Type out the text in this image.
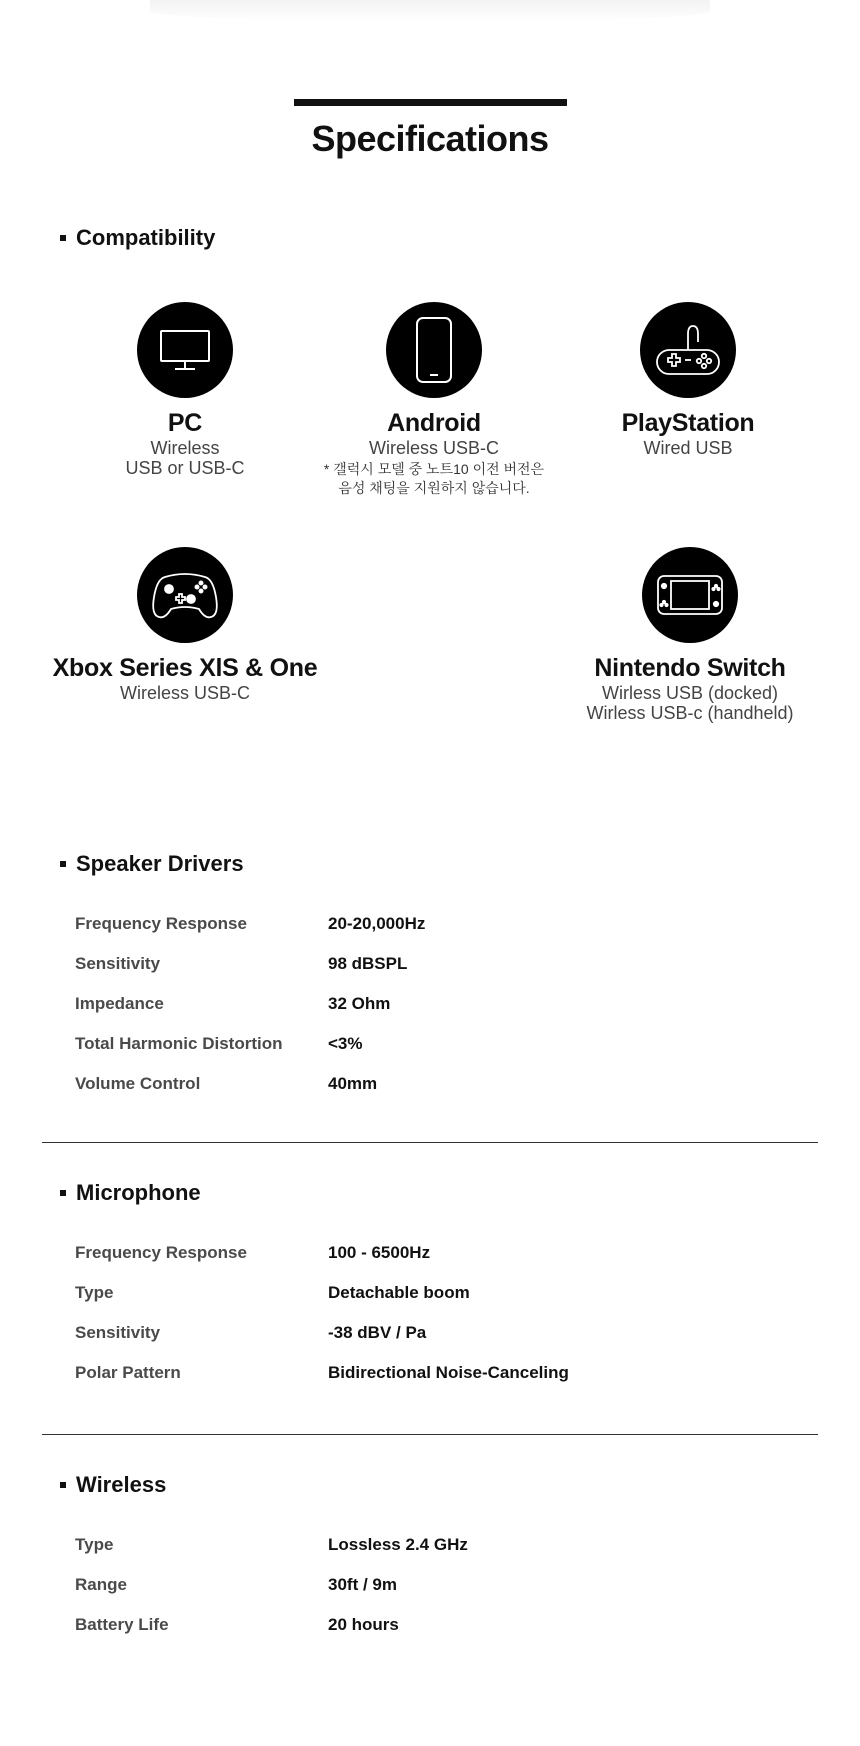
Specifications
Compatibility
PC
Wireless
USB or USB-C
Android
Wireless USB-C
* 갤럭시 모델 중 노트10 이전 버전은
음성 채팅을 지원하지 않습니다.
PlayStation
Wired USB
Xbox Series XlS & One
Wireless USB-C
Nintendo Switch
Wirless USB (docked)
Wirless USB-c (handheld)
Speaker Drivers
Frequency Response	20-20,000Hz
Sensitivity	98 dBSPL
Impedance	32 Ohm
Total Harmonic Distortion	<3%
Volume Control	40mm
Microphone
Frequency Response	100 - 6500Hz
Type	Detachable boom
Sensitivity	-38 dBV / Pa
Polar Pattern	Bidirectional Noise-Canceling
Wireless
Type	Lossless 2.4 GHz
Range	30ft / 9m
Battery Life	20 hours
